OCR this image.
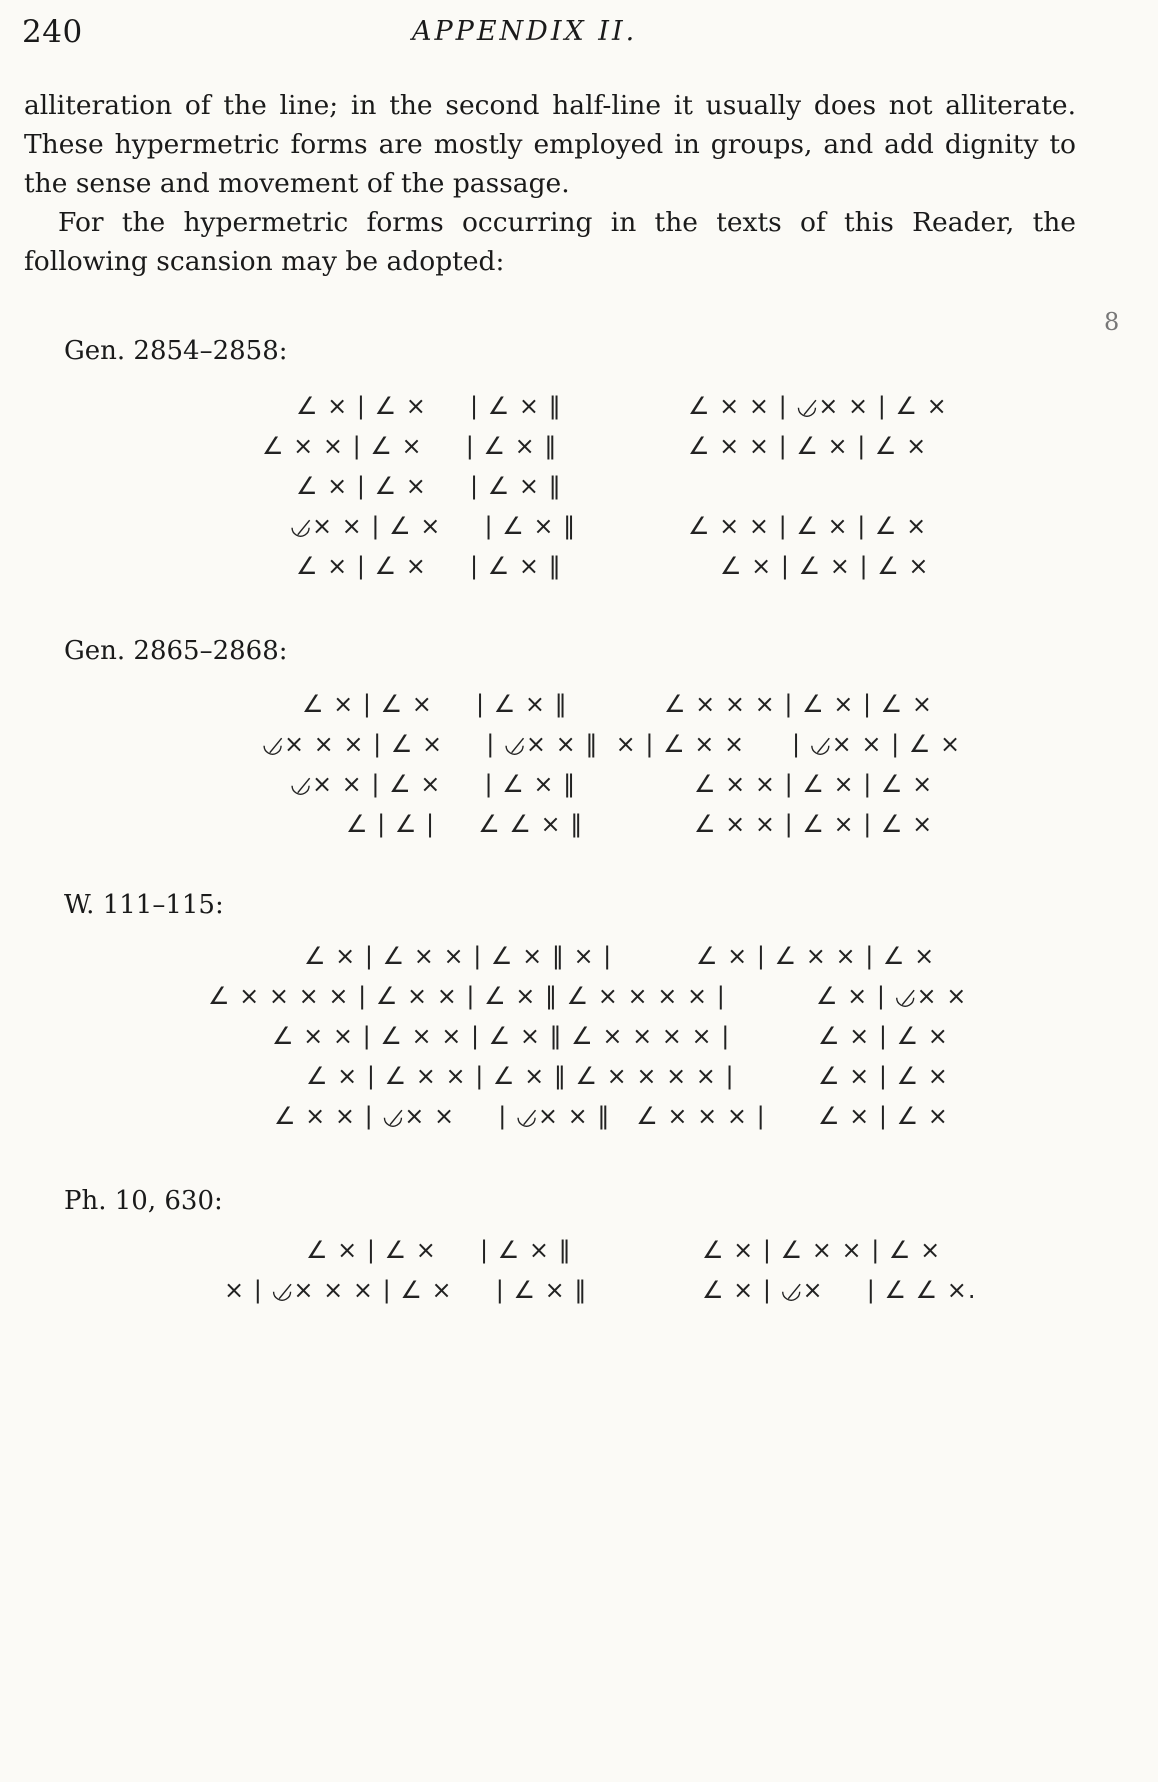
240	APPENDIX II.

alliteration of the line; in the second half-line it usually does not alliterate. These hypermetric forms are mostly employed in groups, and add dignity to the sense and movement of the passage.

For the hypermetric forms occurring in the texts of this Reader, the following scansion may be adopted:

8
Gen. 2854–2858:
∠ × | ∠ ×     | ∠ × ‖
∠ × × | ∠ ×     | ∠ × ‖
∠ × | ∠ ×     | ∠ × ‖
◡̷× × | ∠ ×     | ∠ × ‖
∠ × | ∠ ×     | ∠ × ‖
∠ × × | ◡̷× × | ∠ ×
∠ × × | ∠ × | ∠ ×
∠ × × | ∠ × | ∠ ×
∠ × | ∠ × | ∠ ×
Gen. 2865–2868:
∠ × | ∠ ×     | ∠ × ‖
◡̷× × × | ∠ ×     | ◡̷× × ‖  × | ∠ × ×
◡̷× × | ∠ ×     | ∠ × ‖
∠ | ∠ |     ∠ ∠ × ‖
∠ × × × | ∠ × | ∠ ×
| ◡̷× × | ∠ ×
∠ × × | ∠ × | ∠ ×
∠ × × | ∠ × | ∠ ×
W. 111–115:
∠ × | ∠ × × | ∠ × ‖ × |
∠ × × × × | ∠ × × | ∠ × ‖ ∠ × × × × |
∠ × × | ∠ × × | ∠ × ‖ ∠ × × × × |
∠ × | ∠ × × | ∠ × ‖ ∠ × × × × |
∠ × × | ◡̷× ×     | ◡̷× × ‖   ∠ × × × |
∠ × | ∠ × × | ∠ ×
∠ × | ◡̷× ×
∠ × | ∠ ×
∠ × | ∠ ×
∠ × | ∠ ×
Ph. 10, 630:
∠ × | ∠ ×     | ∠ × ‖
× | ◡̷× × × | ∠ ×     | ∠ × ‖
∠ × | ∠ × × | ∠ ×
∠ × | ◡̷×     | ∠ ∠ ×.
